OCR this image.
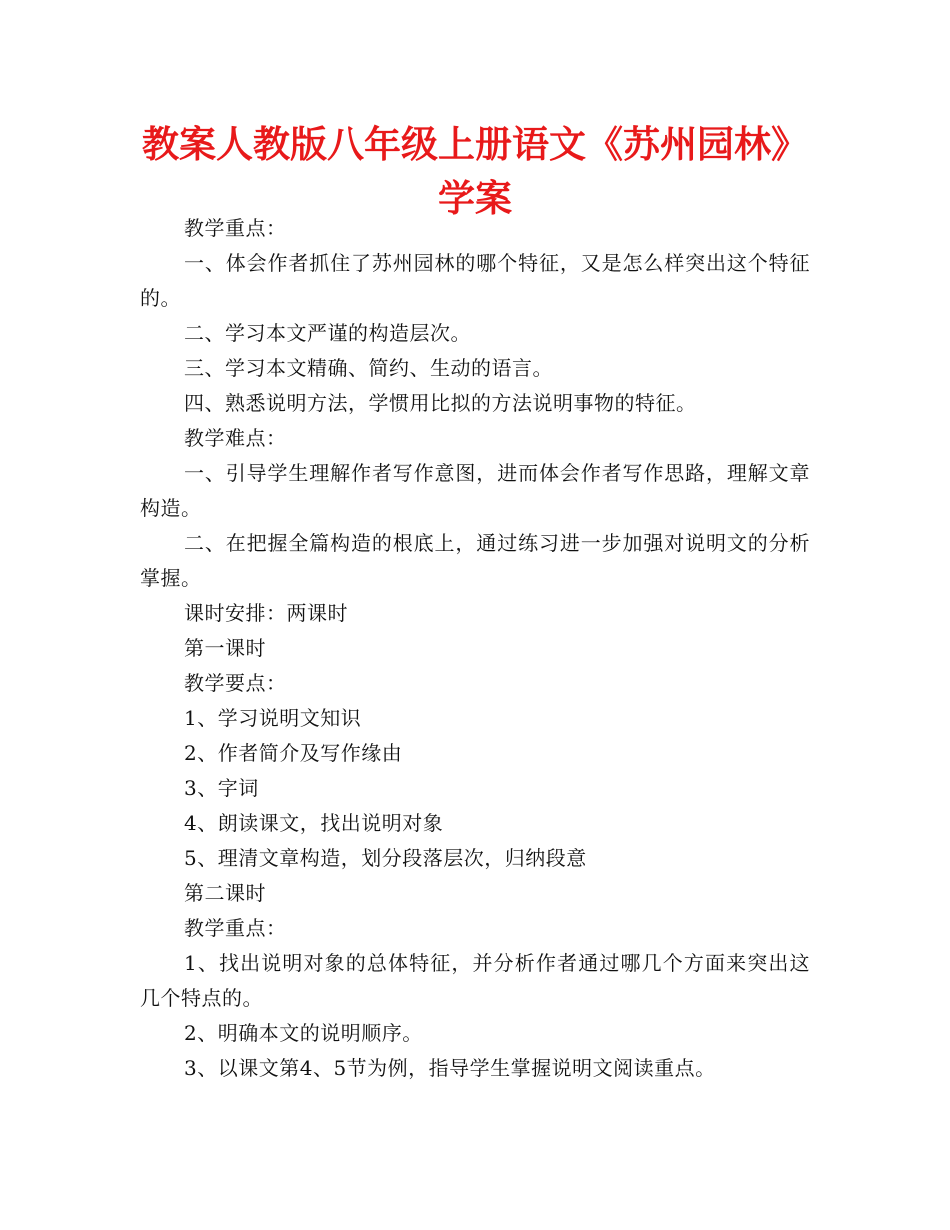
教案人教版八年级上册语文《苏州园林》学案

教学重点：

一、体会作者抓住了苏州园林的哪个特征，又是怎么样突出这个特征的。

二、学习本文严谨的构造层次。

三、学习本文精确、简约、生动的语言。

四、熟悉说明方法，学惯用比拟的方法说明事物的特征。

教学难点：

一、引导学生理解作者写作意图，进而体会作者写作思路，理解文章构造。

二、在把握全篇构造的根底上，通过练习进一步加强对说明文的分析掌握。

课时安排：两课时

第一课时

教学要点：

1、学习说明文知识

2、作者简介及写作缘由

3、字词

4、朗读课文，找出说明对象

5、理清文章构造，划分段落层次，归纳段意

第二课时

教学重点：

1、找出说明对象的总体特征，并分析作者通过哪几个方面来突出这几个特点的。

2、明确本文的说明顺序。

3、以课文第4、5节为例，指导学生掌握说明文阅读重点。
